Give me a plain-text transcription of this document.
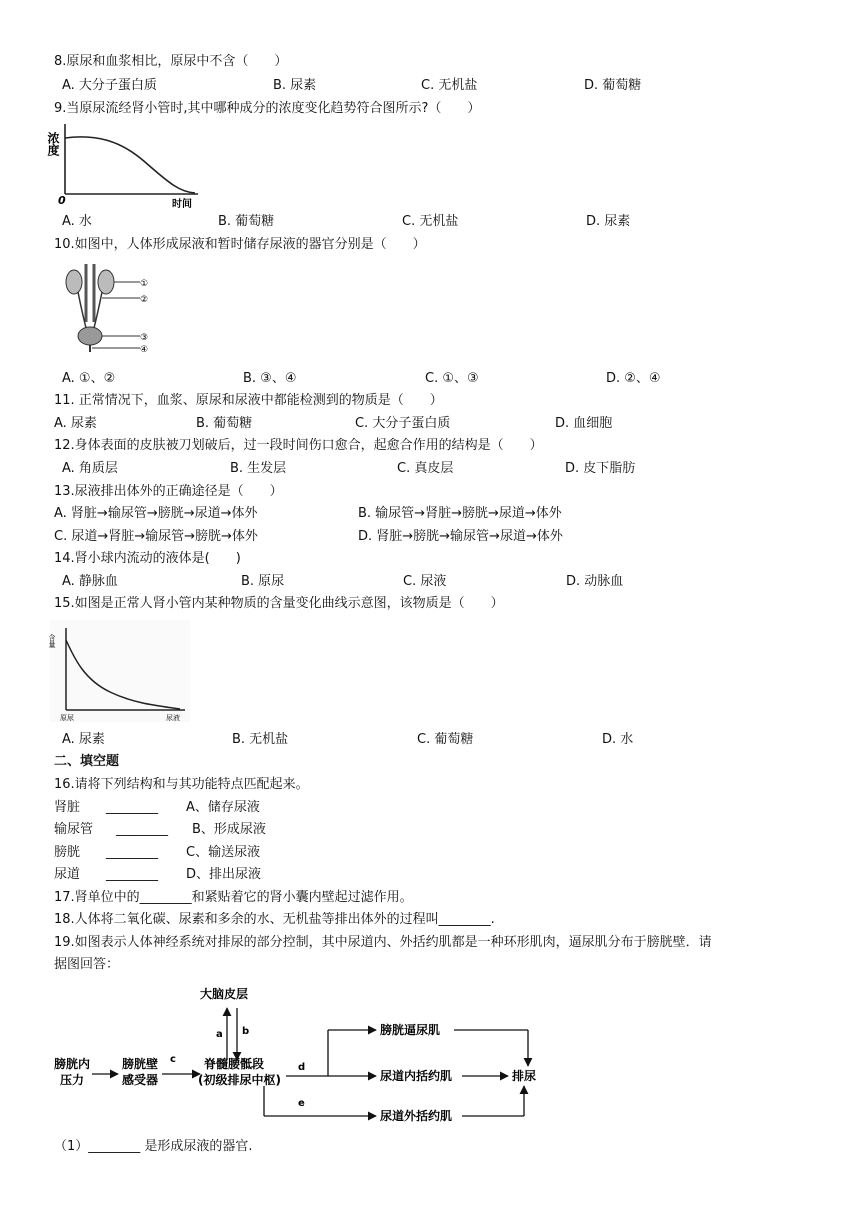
8.原尿和血浆相比，原尿中不含（　　）
A. 大分子蛋白质	B. 尿素	C. 无机盐	D. 葡萄糖
9.当原尿流经肾小管时,其中哪种成分的浓度变化趋势符合图所示?（　　）
浓度
0	时间
A. 水	B. 葡萄糖	C. 无机盐	D. 尿素
10.如图中，人体形成尿液和暂时储存尿液的器官分别是（　　）
①
②
③
④
A. ①、②	B. ③、④	C. ①、③	D. ②、④
11. 正常情况下，血浆、原尿和尿液中都能检测到的物质是（　　）
A. 尿素	B. 葡萄糖	C. 大分子蛋白质	D. 血细胞
12.身体表面的皮肤被刀划破后，过一段时间伤口愈合，起愈合作用的结构是（　　）
A. 角质层	B. 生发层	C. 真皮层	D. 皮下脂肪
13.尿液排出体外的正确途径是（　　）
A. 肾脏→输尿管→膀胱→尿道→体外	B. 输尿管→肾脏→膀胱→尿道→体外
C. 尿道→肾脏→输尿管→膀胱→体外	D. 肾脏→膀胱→输尿管→尿道→体外
14.肾小球内流动的液体是(　　)
A. 静脉血	B. 原尿	C. 尿液	D. 动脉血
15.如图是正常人肾小管内某种物质的含量变化曲线示意图，该物质是（　　）
含量
原尿	尿液
A. 尿素	B. 无机盐	C. 葡萄糖	D. 水
二、填空题
16.请将下列结构和与其功能特点匹配起来。
肾脏 ________ A、储存尿液
输尿管 ________ B、形成尿液
膀胱 ________ C、输送尿液
尿道 ________ D、排出尿液
17.肾单位中的________和紧贴着它的肾小囊内壁起过滤作用。
18.人体将二氧化碳、尿素和多余的水、无机盐等排出体外的过程叫________.
19.如图表示人体神经系统对排尿的部分控制，其中尿道内、外括约肌都是一种环形肌肉，逼尿肌分布于膀胱壁．请
据图回答：
大脑皮层
a b
膀胱内
压力
膀胱壁
感受器
c 脊髓腰骶段
(初级排尿中枢)
d
e
膀胱逼尿肌
尿道内括约肌
尿道外括约肌
排尿
（1）________ 是形成尿液的器官.
